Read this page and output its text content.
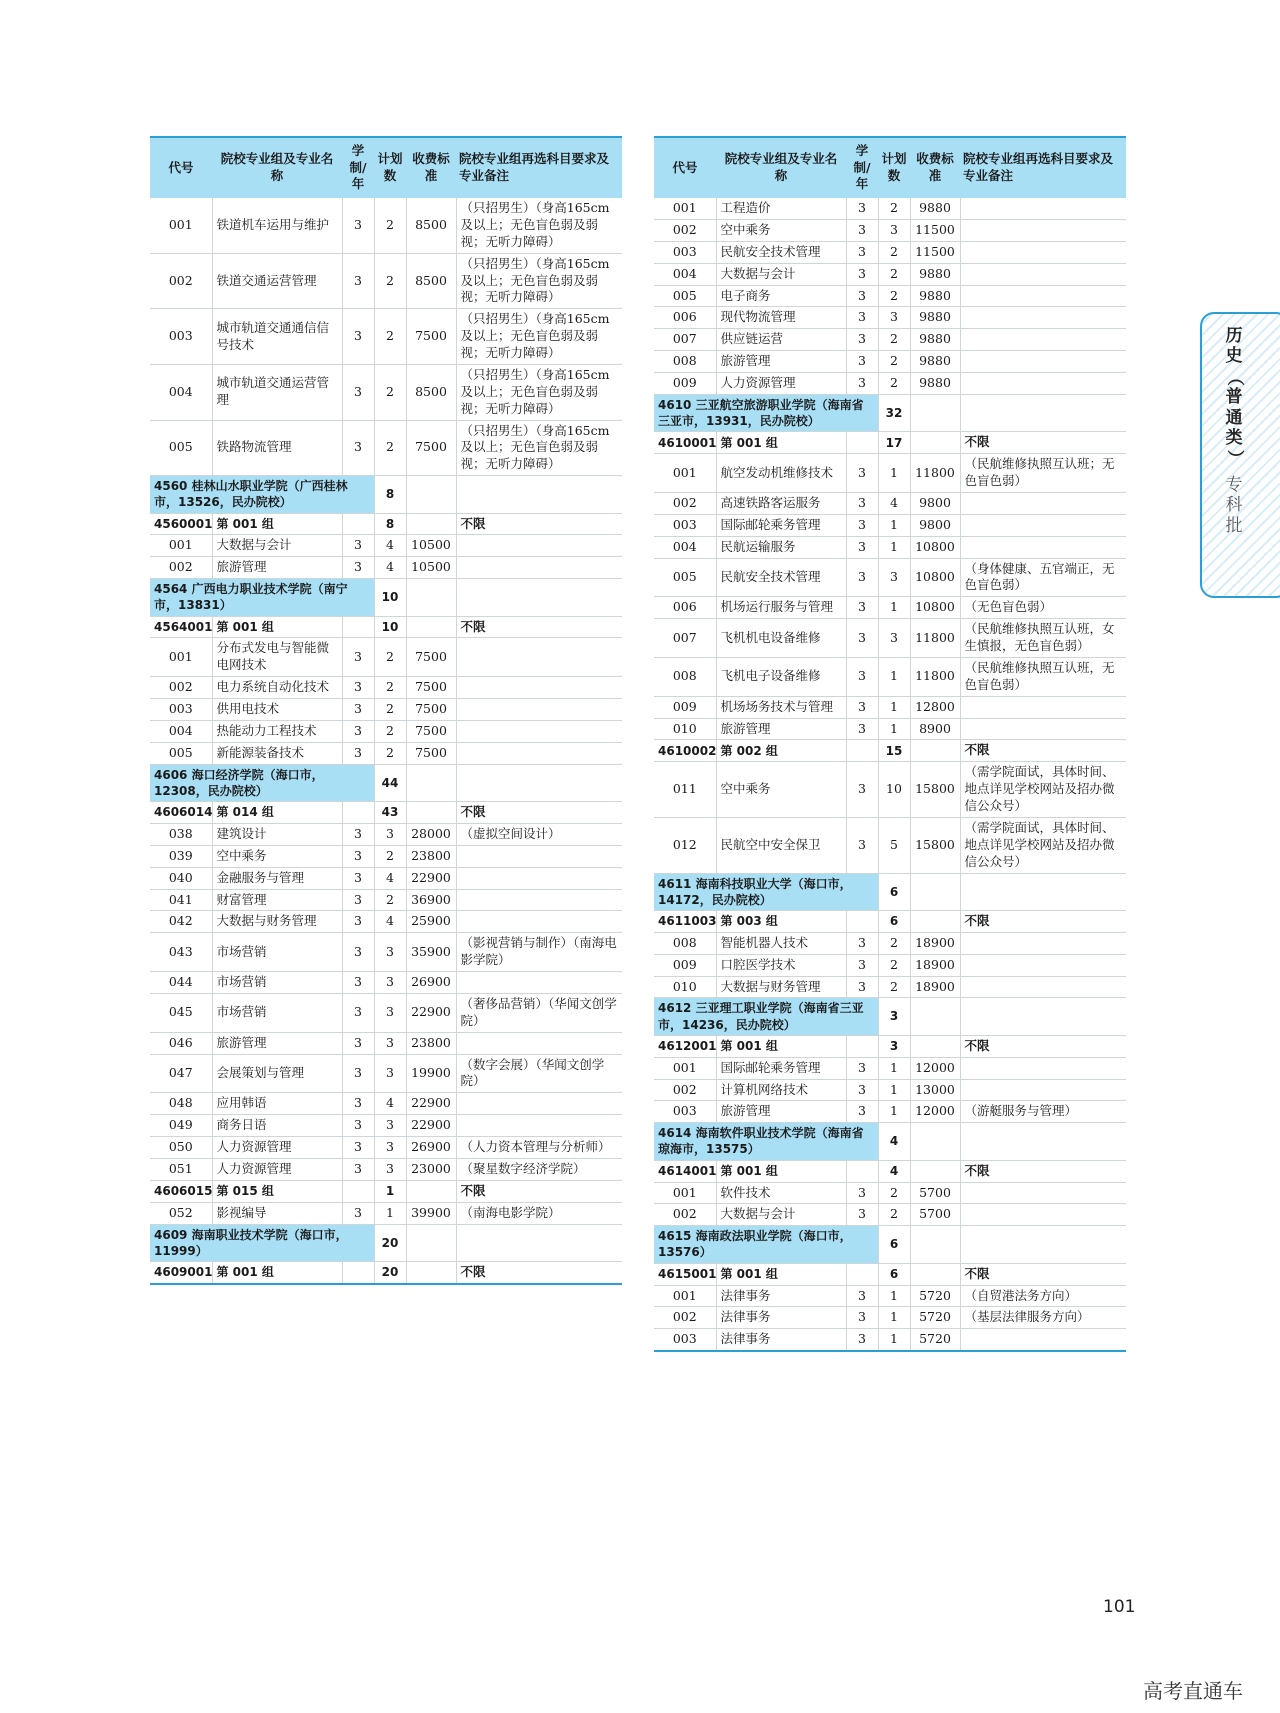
代号	院校专业组及专业名称	学制/年	计划数	收费标准	院校专业组再选科目要求及专业备注
001	铁道机车运用与维护	3	2	8500	（只招男生）（身高165cm及以上；无色盲色弱及弱视；无听力障碍）
002	铁道交通运营管理	3	2	8500	（只招男生）（身高165cm及以上；无色盲色弱及弱视；无听力障碍）
003	城市轨道交通通信信号技术	3	2	7500	（只招男生）（身高165cm及以上；无色盲色弱及弱视；无听力障碍）
004	城市轨道交通运营管理	3	2	8500	（只招男生）（身高165cm及以上；无色盲色弱及弱视；无听力障碍）
005	铁路物流管理	3	2	7500	（只招男生）（身高165cm及以上；无色盲色弱及弱视；无听力障碍）
4560 桂林山水职业学院（广西桂林市，13526，民办院校）			8		
4560001	第 001 组		8		不限
001	大数据与会计	3	4	10500	
002	旅游管理	3	4	10500	
4564 广西电力职业技术学院（南宁市，13831）			10		
4564001	第 001 组		10		不限
001	分布式发电与智能微电网技术	3	2	7500	
002	电力系统自动化技术	3	2	7500	
003	供用电技术	3	2	7500	
004	热能动力工程技术	3	2	7500	
005	新能源装备技术	3	2	7500	
4606 海口经济学院（海口市，12308，民办院校）			44		
4606014	第 014 组		43		不限
038	建筑设计	3	3	28000	（虚拟空间设计）
039	空中乘务	3	2	23800	
040	金融服务与管理	3	4	22900	
041	财富管理	3	2	36900	
042	大数据与财务管理	3	4	25900	
043	市场营销	3	3	35900	（影视营销与制作）（南海电影学院）
044	市场营销	3	3	26900	
045	市场营销	3	3	22900	（奢侈品营销）（华闻文创学院）
046	旅游管理	3	3	23800	
047	会展策划与管理	3	3	19900	（数字会展）（华闻文创学院）
048	应用韩语	3	4	22900	
049	商务日语	3	3	22900	
050	人力资源管理	3	3	26900	（人力资本管理与分析师）
051	人力资源管理	3	3	23000	（聚星数字经济学院）
4606015	第 015 组		1		不限
052	影视编导	3	1	39900	（南海电影学院）
4609 海南职业技术学院（海口市，11999）			20		
4609001	第 001 组		20		不限
代号	院校专业组及专业名称	学制/年	计划数	收费标准	院校专业组再选科目要求及专业备注
001	工程造价	3	2	9880	
002	空中乘务	3	3	11500	
003	民航安全技术管理	3	2	11500	
004	大数据与会计	3	2	9880	
005	电子商务	3	2	9880	
006	现代物流管理	3	3	9880	
007	供应链运营	3	2	9880	
008	旅游管理	3	2	9880	
009	人力资源管理	3	2	9880	
4610 三亚航空旅游职业学院（海南省三亚市，13931，民办院校）			32		
4610001	第 001 组		17		不限
001	航空发动机维修技术	3	1	11800	（民航维修执照互认班；无色盲色弱）
002	高速铁路客运服务	3	4	9800	
003	国际邮轮乘务管理	3	1	9800	
004	民航运输服务	3	1	10800	
005	民航安全技术管理	3	3	10800	（身体健康、五官端正，无色盲色弱）
006	机场运行服务与管理	3	1	10800	（无色盲色弱）
007	飞机机电设备维修	3	3	11800	（民航维修执照互认班，女生慎报，无色盲色弱）
008	飞机电子设备维修	3	1	11800	（民航维修执照互认班，无色盲色弱）
009	机场场务技术与管理	3	1	12800	
010	旅游管理	3	1	8900	
4610002	第 002 组		15		不限
011	空中乘务	3	10	15800	（需学院面试，具体时间、地点详见学校网站及招办微信公众号）
012	民航空中安全保卫	3	5	15800	（需学院面试，具体时间、地点详见学校网站及招办微信公众号）
4611 海南科技职业大学（海口市，14172，民办院校）			6		
4611003	第 003 组		6		不限
008	智能机器人技术	3	2	18900	
009	口腔医学技术	3	2	18900	
010	大数据与财务管理	3	2	18900	
4612 三亚理工职业学院（海南省三亚市，14236，民办院校）			3		
4612001	第 001 组		3		不限
001	国际邮轮乘务管理	3	1	12000	
002	计算机网络技术	3	1	13000	
003	旅游管理	3	1	12000	（游艇服务与管理）
4614 海南软件职业技术学院（海南省琼海市，13575）			4		
4614001	第 001 组		4		不限
001	软件技术	3	2	5700	
002	大数据与会计	3	2	5700	
4615 海南政法职业学院（海口市，13576）			6		
4615001	第 001 组		6		不限
001	法律事务	3	1	5720	（自贸港法务方向）
002	法律事务	3	1	5720	（基层法律服务方向）
003	法律事务	3	1	5720	
历
史
（
普
通
类
）
专
科
批
101
高考直通车
